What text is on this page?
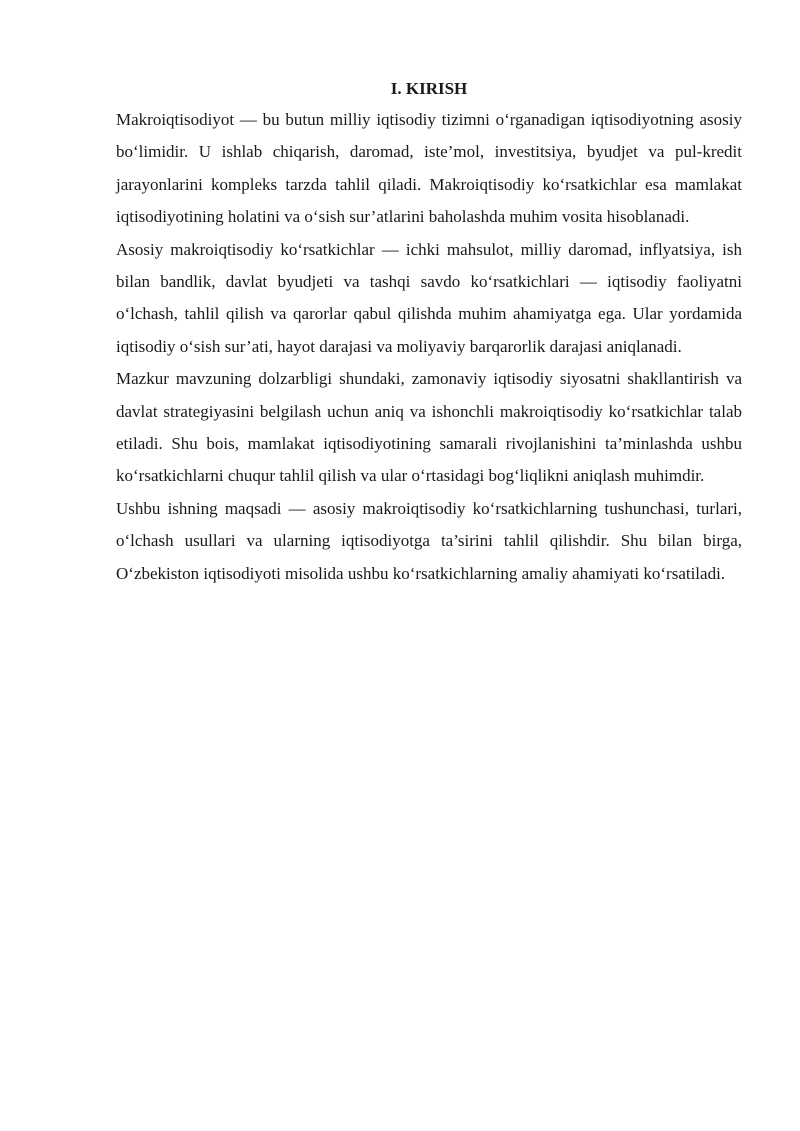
I. KIRISH

Makroiqtisodiyot — bu butun milliy iqtisodiy tizimni o‘rganadigan iqtisodiyotning asosiy bo‘limidir. U ishlab chiqarish, daromad, iste’mol, investitsiya, byudjet va pul-kredit jarayonlarini kompleks tarzda tahlil qiladi. Makroiqtisodiy ko‘rsatkichlar esa mamlakat iqtisodiyotining holatini va o‘sish sur’atlarini baholashda muhim vosita hisoblanadi.

Asosiy makroiqtisodiy ko‘rsatkichlar — ichki mahsulot, milliy daromad, inflyatsiya, ish bilan bandlik, davlat byudjeti va tashqi savdo ko‘rsatkichlari — iqtisodiy faoliyatni o‘lchash, tahlil qilish va qarorlar qabul qilishda muhim ahamiyatga ega. Ular yordamida iqtisodiy o‘sish sur’ati, hayot darajasi va moliyaviy barqarorlik darajasi aniqlanadi.

Mazkur mavzuning dolzarbligi shundaki, zamonaviy iqtisodiy siyosatni shakllantirish va davlat strategiyasini belgilash uchun aniq va ishonchli makroiqtisodiy ko‘rsatkichlar talab etiladi. Shu bois, mamlakat iqtisodiyotining samarali rivojlanishini ta’minlashda ushbu ko‘rsatkichlarni chuqur tahlil qilish va ular o‘rtasidagi bog‘liqlikni aniqlash muhimdir.

Ushbu ishning maqsadi — asosiy makroiqtisodiy ko‘rsatkichlarning tushunchasi, turlari, o‘lchash usullari va ularning iqtisodiyotga ta’sirini tahlil qilishdir. Shu bilan birga, O‘zbekiston iqtisodiyoti misolida ushbu ko‘rsatkichlarning amaliy ahamiyati ko‘rsatiladi.
